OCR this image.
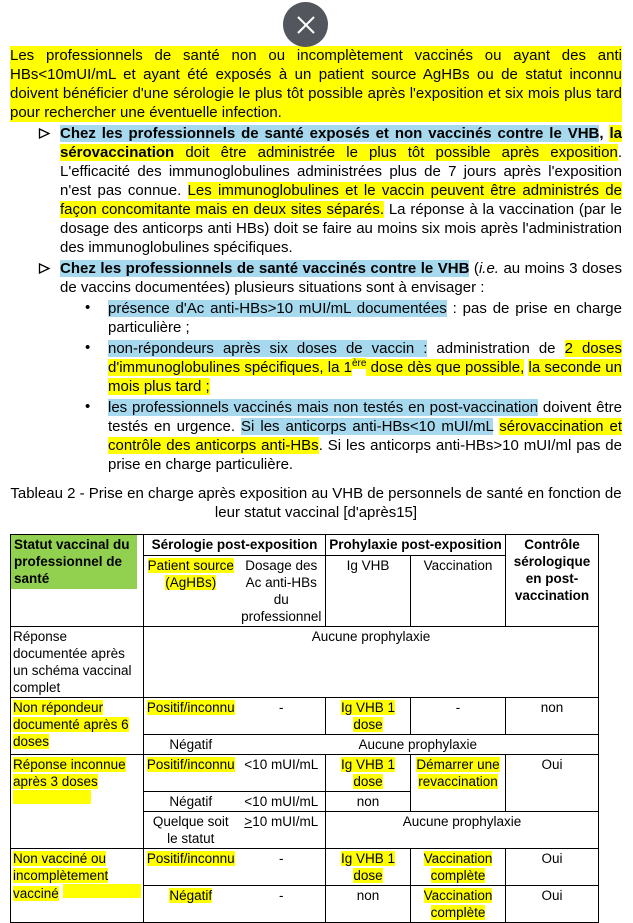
Les professionnels de santé non ou incomplètement vaccinés ou ayant des anti HBs<10mUI/mL et ayant été exposés à un patient source AgHBs ou de statut inconnu doivent bénéficier d'une sérologie le plus tôt possible après l'exposition et six mois plus tard pour rechercher une éventuelle infection.

Chez les professionnels de santé exposés et non vaccinés contre le VHB, la sérovaccination doit être administrée le plus tôt possible après exposition. L'efficacité des immunoglobulines administrées plus de 7 jours après l'exposition n'est pas connue. Les immunoglobulines et le vaccin peuvent être administrés de façon concomitante mais en deux sites séparés. La réponse à la vaccination (par le dosage des anticorps anti HBs) doit se faire au moins six mois après l'administration des immunoglobulines spécifiques.
Chez les professionnels de santé vaccinés contre le VHB (i.e. au moins 3 doses de vaccins documentées) plusieurs situations sont à envisager :
•	présence d'Ac anti-HBs>10 mUI/mL documentées : pas de prise en charge particulière ;
•	non-répondeurs après six doses de vaccin : administration de 2 doses d'immunoglobulines spécifiques, la 1ère dose dès que possible, la seconde un mois plus tard ;
•	les professionnels vaccinés mais non testés en post-vaccination doivent être testés en urgence. Si les anticorps anti-HBs<10 mUI/mL sérovaccination et contrôle des anticorps anti-HBs. Si les anticorps anti-HBs>10 mUI/ml pas de prise en charge particulière.
Tableau 2 - Prise en charge après exposition au VHB de personnels de santé en fonction de leur statut vaccinal [d'après15]
Statut vaccinal du professionnel de santé	Sérologie post-exposition		Prohylaxie post-exposition		Contrôle sérologique en post-vaccination
	Patient source (AgHBs)	Dosage des Ac anti-HBs du professionnel	Ig VHB	Vaccination	
Réponse documentée après un schéma vaccinal complet	Aucune prophylaxie				
Non répondeur documenté après 6 doses	Positif/inconnu	-	Ig VHB 1 dose	-	non
	Négatif	Aucune prophylaxie			
Réponse inconnue après 3 doses	Positif/inconnu	<10 mUI/mL	Ig VHB 1 dose	Démarrer une revaccination	Oui
	Négatif	<10 mUI/mL	non		
	Quelque soit le statut	>10 mUI/mL	Aucune prophylaxie		
Non vacciné ou incomplètement vacciné	Positif/inconnu	-	Ig VHB 1 dose	Vaccination complète	Oui
	Négatif	-	non	Vaccination complète	Oui
